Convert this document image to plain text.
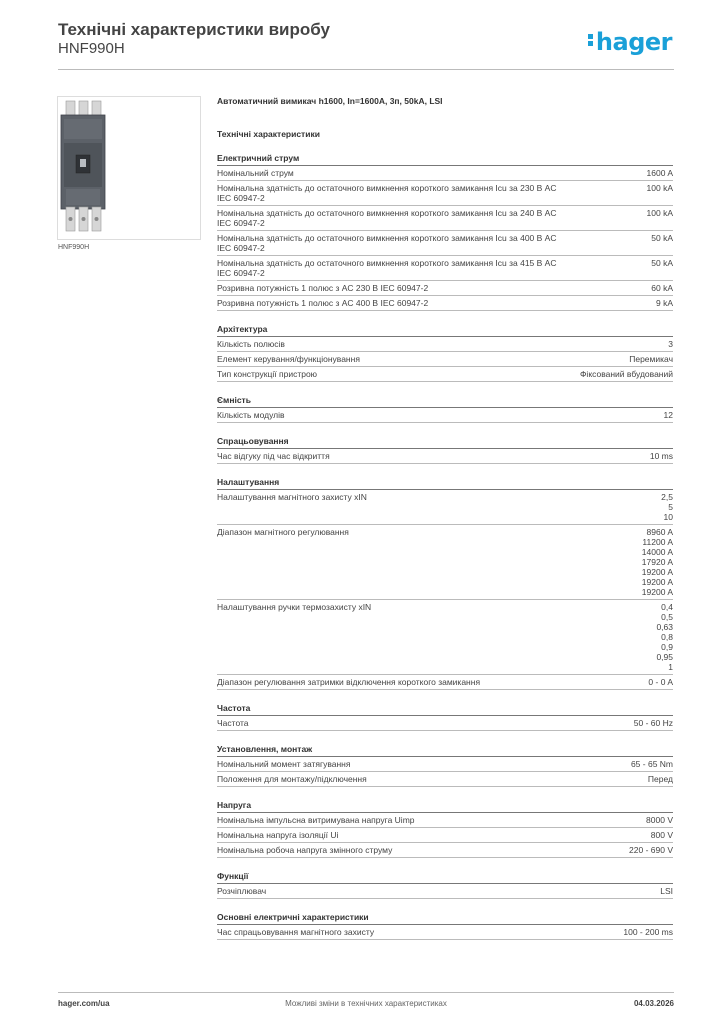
Технічні характеристики виробу
HNF990H	hager
HNF990H
Автоматичний вимикач h1600, In=1600A, 3п, 50kA, LSI
Технічні характеристики
Електричний струм
Номінальний струм	1600 A
Номінальна здатність до остаточного вимкнення короткого замикання Icu за 230 В AC IEC 60947-2
100 kA
Номінальна здатність до остаточного вимкнення короткого замикання Icu за 240 В AC IEC 60947-2
100 kA
Номінальна здатність до остаточного вимкнення короткого замикання Icu за 400 В AC IEC 60947-2
50 kA
Номінальна здатність до остаточного вимкнення короткого замикання Icu за 415 В AC IEC 60947-2
50 kA
Розривна потужність 1 полюс з AC 230 В IEC 60947-2	60 kA
Розривна потужність 1 полюс з AC 400 В IEC 60947-2	9 kA
Архітектура
Кількість полюсів	3
Елемент керування/функціонування	Перемикач
Тип конструкції пристрою	Фіксований вбудований
Ємність
Кількість модулів	12
Спрацьовування
Час відгуку під час відкриття	10 ms
Налаштування
Налаштування магнітного захисту xIN	2,5
5
10
Діапазон магнітного регулювання	8960 A
11200 A
14000 A
17920 A
19200 A
19200 A
19200 A
Налаштування ручки термозахисту xIN	0,4
0,5
0,63
0,8
0,9
0,95
1
Діапазон регулювання затримки відключення короткого замикання	0 - 0 A
Частота
Частота	50 - 60 Hz
Установлення, монтаж
Номінальний момент затягування	65 - 65 Nm
Положення для монтажу/підключення	Перед
Напруга
Номінальна імпульсна витримувана напруга Uimp	8000 V
Номінальна напруга ізоляції Ui	800 V
Номінальна робоча напруга змінного струму	220 - 690 V
Функції
Розчіплювач	LSI
Основні електричні характеристики
Час спрацьовування магнітного захисту	100 - 200 ms
hager.com/ua	Можливі зміни в технічних характеристиках	04.03.2026
